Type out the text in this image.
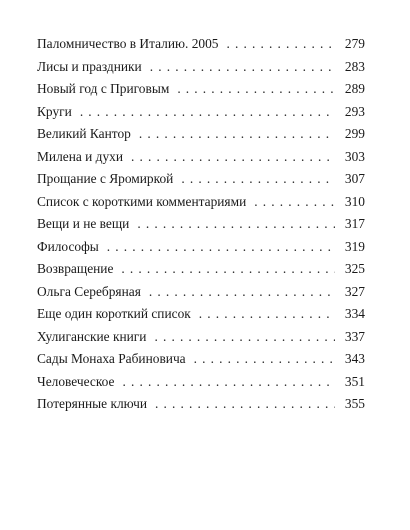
Паломничество в Италию. 2005 . . .	279
Лисы и праздники . . .	283
Новый год с Приговым . . .	289
Круги . . .	293
Великий Кантор . . .	299
Милена и духи . . .	303
Прощание с Яромиркой . . .	307
Список с короткими комментариями . . .	310
Вещи и не вещи . . .	317
Философы . . .	319
Возвращение . . .	325
Ольга Серебряная . . .	327
Еще один короткий список . . .	334
Хулиганские книги . . .	337
Сады Монаха Рабиновича . . .	343
Человеческое . . .	351
Потерянные ключи . . .	355
